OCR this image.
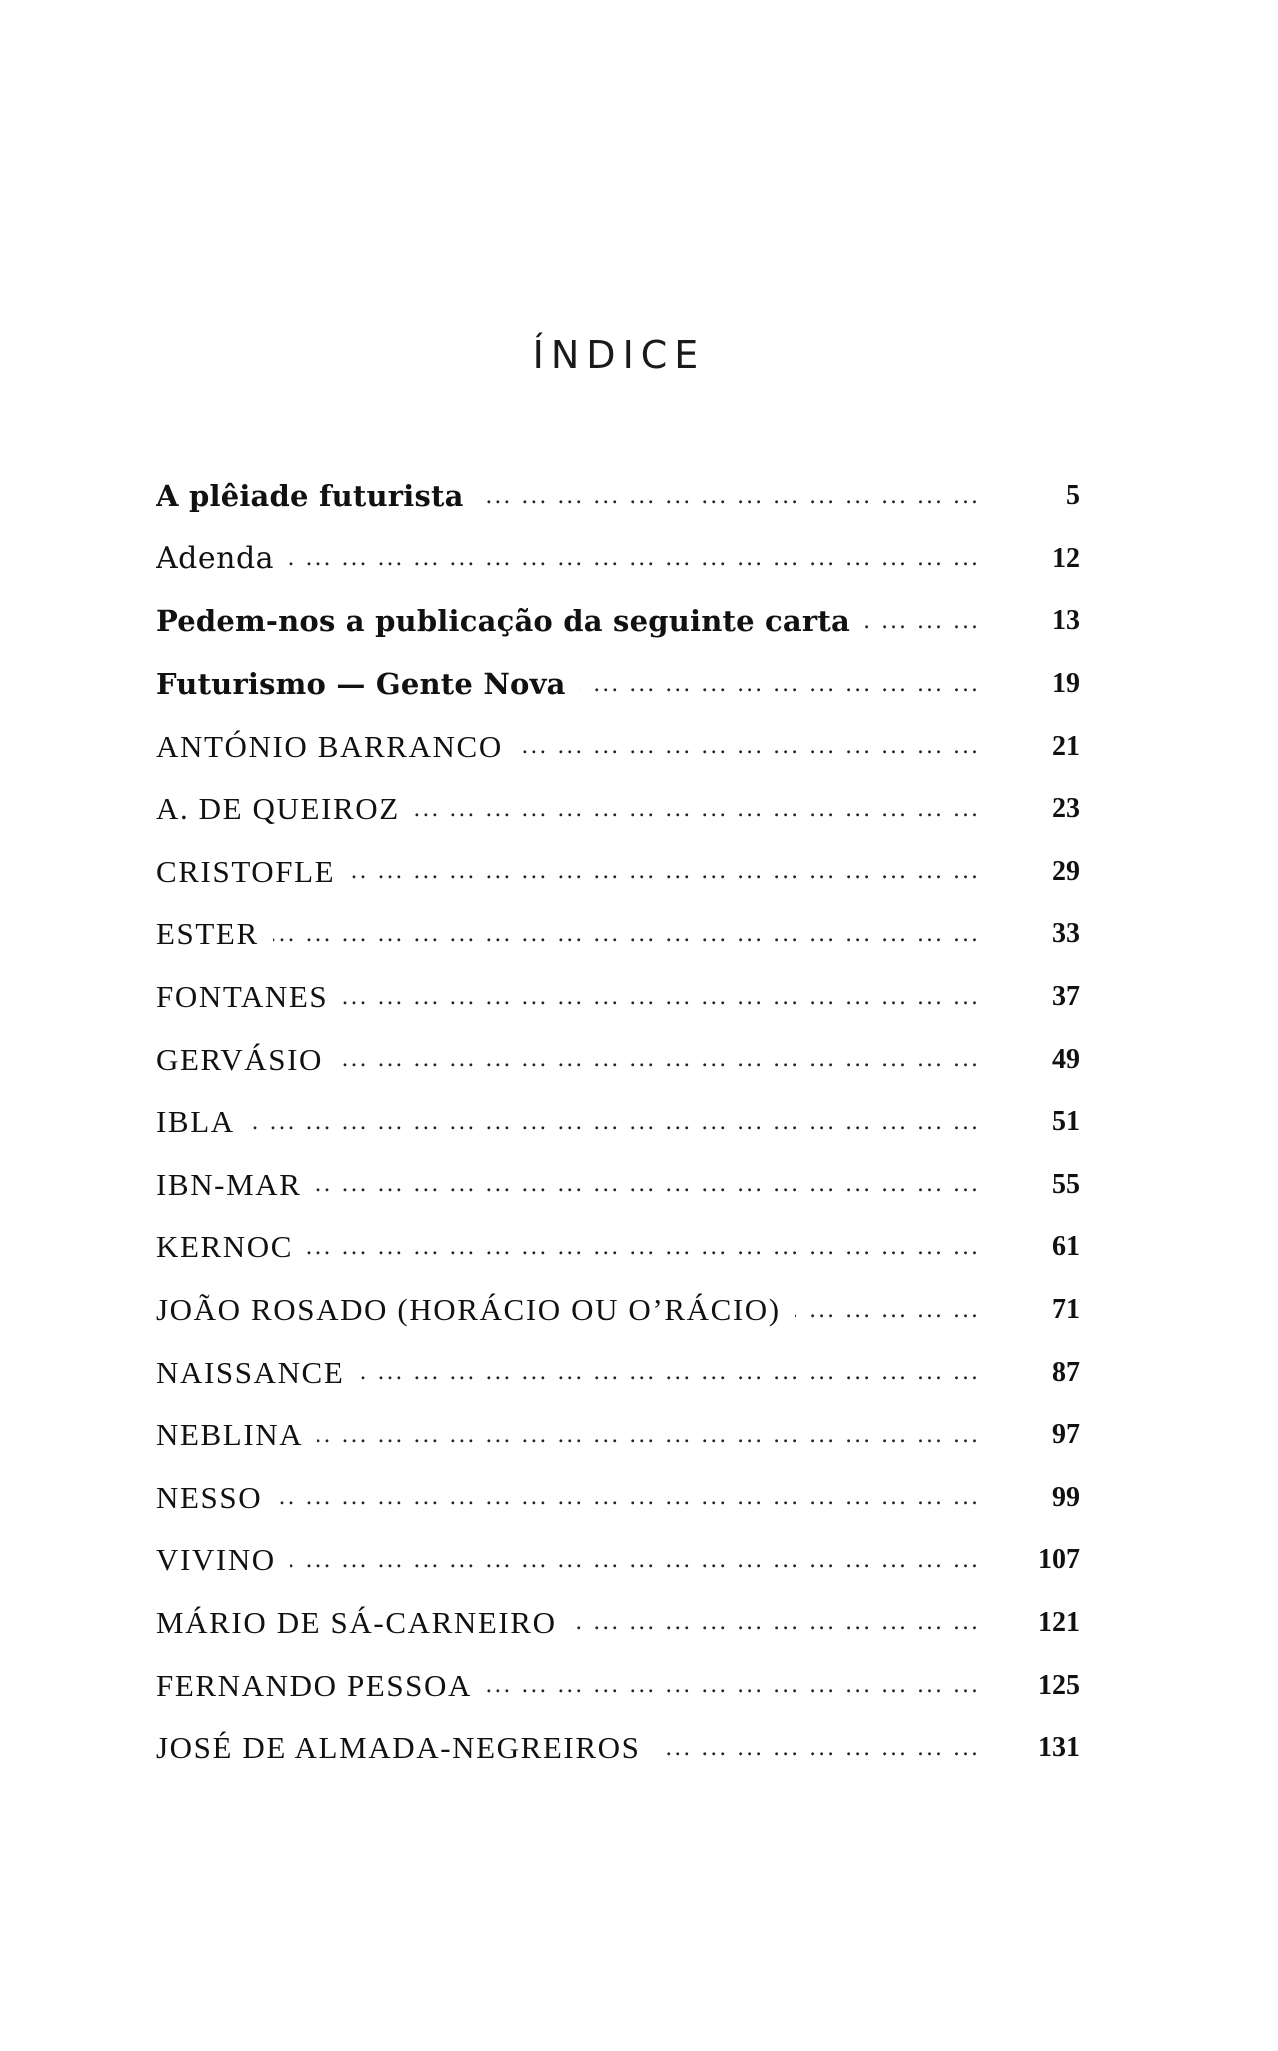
ÍNDICE
A plêiade futurista ... .	5
Adenda ... .	12
Pedem-nos a publicação da seguinte carta ... .	13
Futurismo — Gente Nova ... .	19
ANTÓNIO BARRANCO ... .	21
A. DE QUEIROZ ... .	23
CRISTOFLE ... .	29
ESTER ... .	33
FONTANES ... .	37
GERVÁSIO ... .	49
IBLA ... .	51
IBN-MAR ... .	55
KERNOC ... .	61
JOÃO ROSADO (HORÁCIO OU O’RÁCIO) ... .	71
NAISSANCE ... .	87
NEBLINA ... .	97
NESSO ... .	99
VIVINO ... .	107
MÁRIO DE SÁ-CARNEIRO ... .	121
FERNANDO PESSOA ... .	125
JOSÉ DE ALMADA-NEGREIROS ... .	131
